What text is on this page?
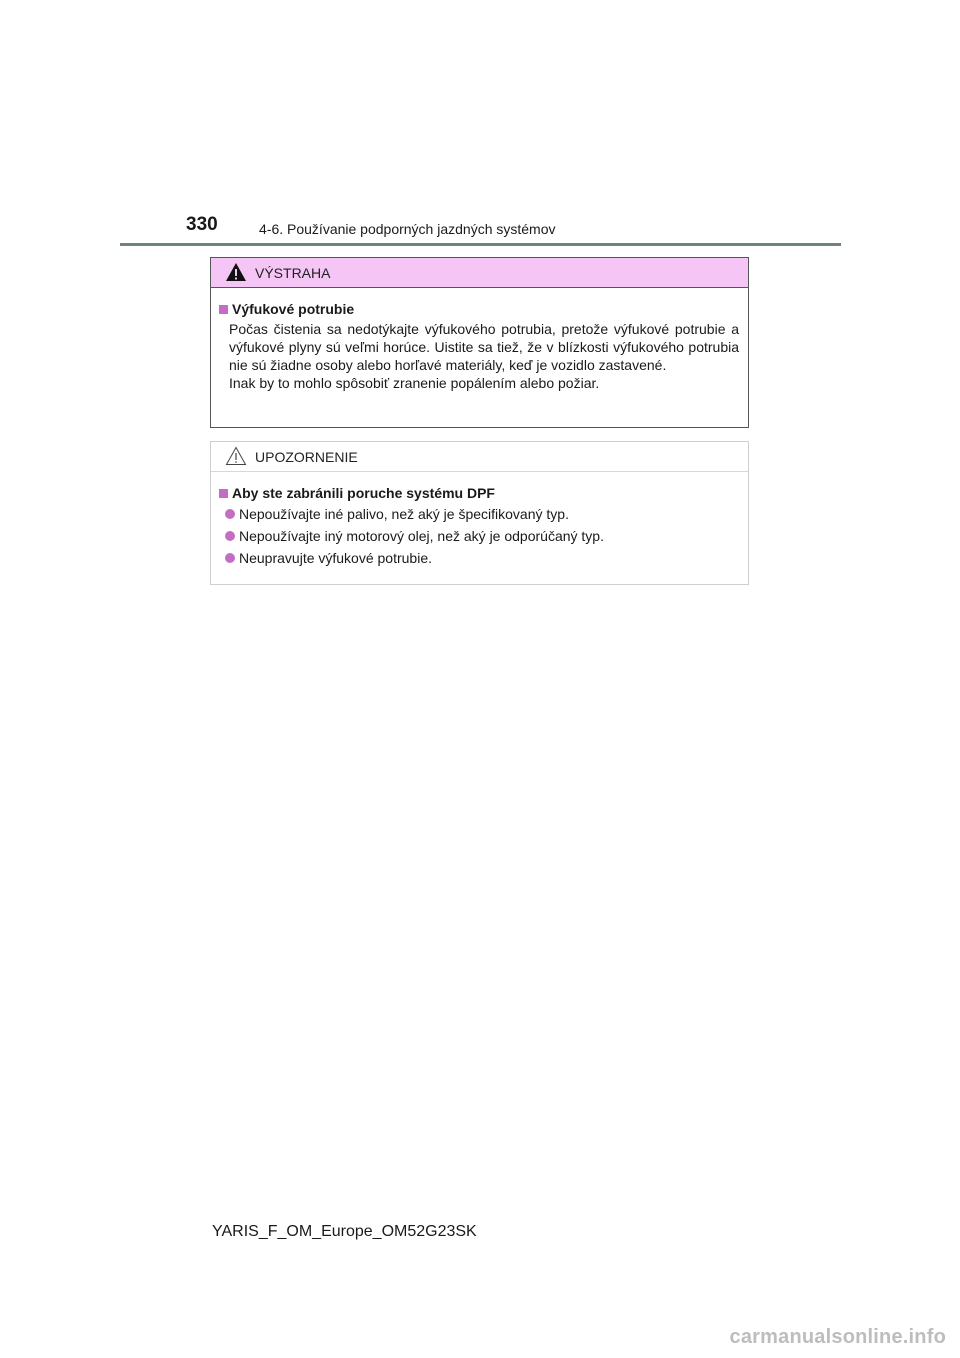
330	4-6. Používanie podporných jazdných systémov
VÝSTRAHA
Výfukové potrubie

Počas čistenia sa nedotýkajte výfukového potrubia, pretože výfukové potrubie a výfukové plyny sú veľmi horúce. Uistite sa tiež, že v blízkosti výfukového potrubia nie sú žiadne osoby alebo horľavé materiály, keď je vozidlo zastavené.

Inak by to mohlo spôsobiť zranenie popálením alebo požiar.

UPOZORNENIE
Aby ste zabránili poruche systému DPF
Nepoužívajte iné palivo, než aký je špecifikovaný typ.
Nepoužívajte iný motorový olej, než aký je odporúčaný typ.
Neupravujte výfukové potrubie.
YARIS_F_OM_Europe_OM52G23SK
carmanualsonline.info
